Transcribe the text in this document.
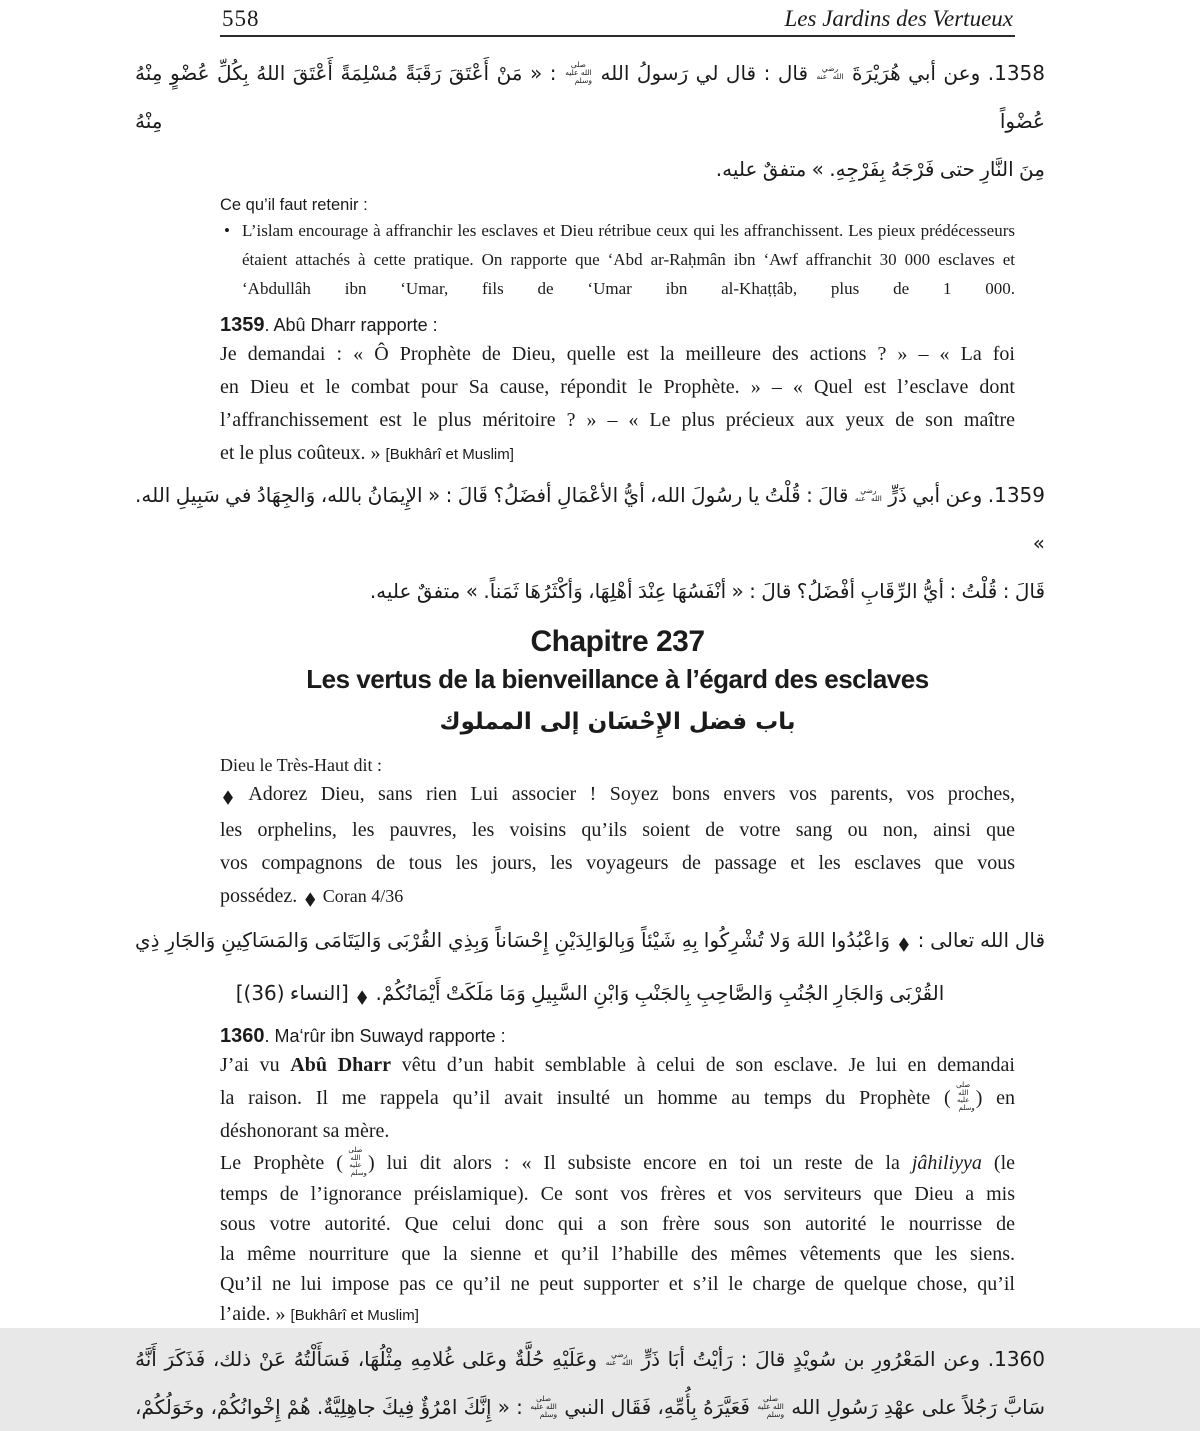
558	Les Jardins des Vertueux
1358. وعن أبي هُرَيْرَةَ رضي الله عنه قال : قال لي رَسولُ الله صلى الله عليه وسلم : « مَنْ أَعْتَقَ رَقَبَةً مُسْلِمَةً أَعْتَقَ اللهُ بِكُلِّ عُضْوٍ مِنْهُ عُضْواً مِنْهُ
مِنَ النَّارِ حتى فَرْجَهُ بِفَرْجِهِ. » متفقٌ عليه.
Ce qu’il faut retenir :
• L’islam encourage à affranchir les esclaves et Dieu rétribue ceux qui les affranchissent. Les pieux prédécesseurs étaient attachés à cette pratique. On rapporte que ‘Abd ar-Raḥmân ibn ‘Awf affranchit 30 000 esclaves et ‘Abdullâh ibn ‘Umar, fils de ‘Umar ibn al-Khaṭṭâb, plus de 1 000.
1359. Abû Dharr rapporte :
Je demandai : « Ô Prophète de Dieu, quelle est la meilleure des actions ? » – « La foi
en Dieu et le combat pour Sa cause, répondit le Prophète. » – « Quel est l’esclave dont
l’affranchissement est le plus méritoire ? » – « Le plus précieux aux yeux de son maître
et le plus coûteux. » [Bukhârî et Muslim]
1359. وعن أبي ذَرٍّ رضي الله عنه قالَ : قُلْتُ يا رسُولَ الله، أيُّ الأعْمَالِ أفضَلُ؟ قَالَ : « الإِيمَانُ بالله، وَالجِهَادُ في سَبِيلِ الله. »
قَالَ : قُلْتُ : أيُّ الرِّقَابِ أفْضَلُ؟ قالَ : « أنْفَسُهَا عِنْدَ أهْلِهَا، وَأكْثَرُهَا ثَمَناً. » متفقٌ عليه.
Chapitre 237
Les vertus de la bienveillance à l’égard des esclaves
باب فضل الإِحْسَان إلى المملوك
Dieu le Très-Haut dit :
◆ Adorez Dieu, sans rien Lui associer ! Soyez bons envers vos parents, vos proches,
les orphelins, les pauvres, les voisins qu’ils soient de votre sang ou non, ainsi que
vos compagnons de tous les jours, les voyageurs de passage et les esclaves que vous
possédez. ◆ Coran 4/36
قال الله تعالى : ◆ وَاعْبُدُوا اللهَ وَلا تُشْرِكُوا بِهِ شَيْئاً وَبِالوَالِدَيْنِ إِحْسَاناً وَبِذِي القُرْبَى وَاليَتَامَى وَالمَسَاكِينِ وَالجَارِ ذِي
القُرْبَى وَالجَارِ الجُنُبِ وَالصَّاحِبِ بِالجَنْبِ وَابْنِ السَّبِيلِ وَمَا مَلَكَتْ أَيْمَانُكُمْ. ◆ [النساء (36)]
1360. Ma‘rûr ibn Suwayd rapporte :
J’ai vu Abû Dharr vêtu d’un habit semblable à celui de son esclave. Je lui en demandai
la raison. Il me rappela qu’il avait insulté un homme au temps du Prophète (صلى الله عليه وسلم) en
déshonorant sa mère.
Le Prophète (صلى الله عليه وسلم) lui dit alors : « Il subsiste encore en toi un reste de la jâhiliyya (le
temps de l’ignorance préislamique). Ce sont vos frères et vos serviteurs que Dieu a mis
sous votre autorité. Que celui donc qui a son frère sous son autorité le nourrisse de
la même nourriture que la sienne et qu’il l’habille des mêmes vêtements que les siens.
Qu’il ne lui impose pas ce qu’il ne peut supporter et s’il le charge de quelque chose, qu’il
l’aide. » [Bukhârî et Muslim]
1360. وعن المَعْرُورِ بن سُويْدٍ قالَ : رَأيْتُ أبَا ذَرٍّ رضي الله عنه وعَلَيْهِ حُلَّةٌ وعَلى غُلامِهِ مِثْلُهَا، فَسَأَلْتُهُ عَنْ ذلك، فَذَكَرَ أَنَّهُ
سَابَّ رَجُلاً على عهْدِ رَسُولِ الله صلى الله عليه وسلم فَعَيَّرَهُ بِأُمِّهِ، فَقَال النبي صلى الله عليه وسلم : « إِنَّكَ امْرُؤٌ فِيكَ جاهِلِيَّةٌ. هُمْ إِخْوانُكُمْ، وخَوَلُكُمْ،
